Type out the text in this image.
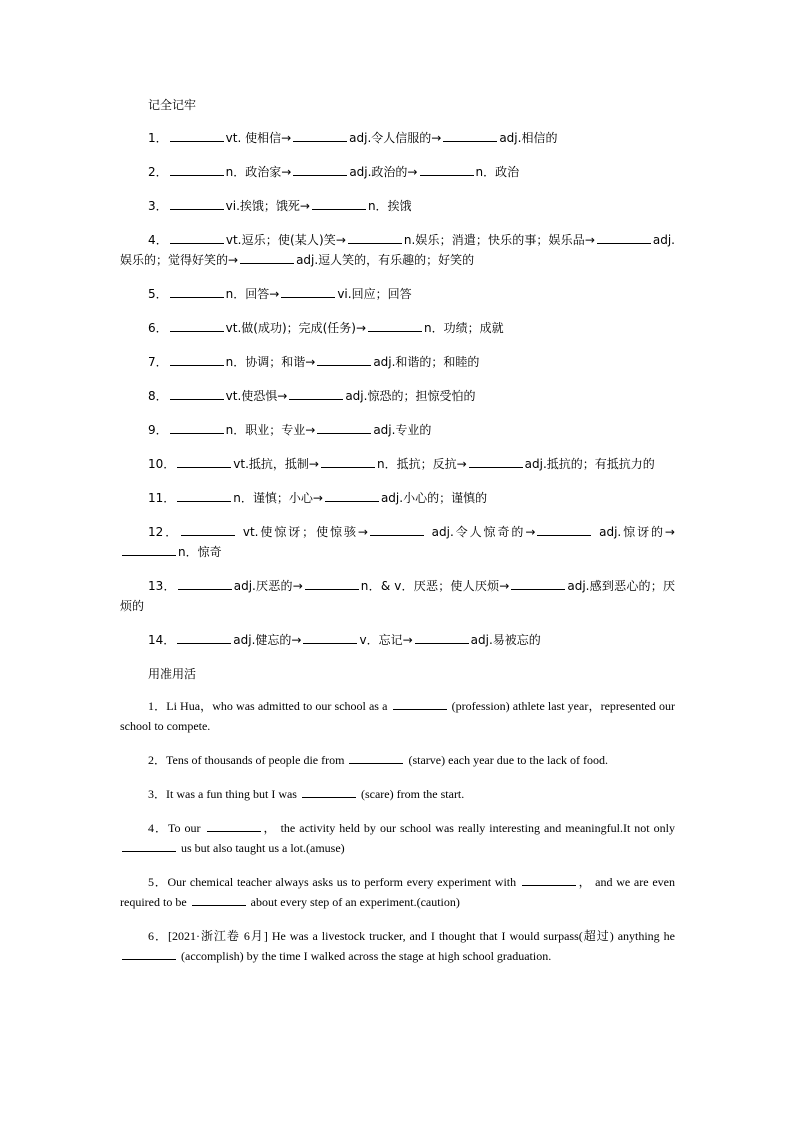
记全记牢
1．	vt. 使相信→	adj.令人信服的→	adj.相信的
2．	n．政治家→	adj.政治的→	n．政治
3．	vi.挨饿；饿死→	n．挨饿
4．	vt.逗乐；使(某人)笑→	n.娱乐；消遣；快乐的事；娱乐品→	adj.娱乐的；觉得好笑的→	adj.逗人笑的，有乐趣的；好笑的
5．	n．回答→	vi.回应；回答
6．	vt.做(成功)；完成(任务)→	n．功绩；成就
7．	n．协调；和谐→	adj.和谐的；和睦的
8．	vt.使恐惧→	adj.惊恐的；担惊受怕的
9．	n．职业；专业→	adj.专业的
10．	vt.抵抗，抵制→	n．抵抗；反抗→	adj.抵抗的；有抵抗力的
11．	n．谨慎；小心→	adj.小心的；谨慎的
12．	vt.使惊讶；使惊骇→	adj.令人惊奇的→	adj.惊讶的→n．惊奇
13．	adj.厌恶的→	n．& v．厌恶；使人厌烦→	adj.感到恶心的；厌烦的
14．	adj.健忘的→	v．忘记→	adj.易被忘的
用准用活
1．Li Hua，who was admitted to our school as a	(profession) athlete last year，represented our school to compete.
2．Tens of thousands of people die from	(starve) each year due to the lack of food.
3．It was a fun thing but I was	(scare) from the start.
4．To our	， the activity held by our school was really interesting and meaningful.It not only  us but also taught us a lot.(amuse)
5．Our chemical teacher always asks us to perform every experiment with	， and we are even required to be	about every step of an experiment.(caution)
6．[2021·浙江卷 6月] He was a livestock trucker, and I thought that I would surpass(超过) anything he  (accomplish) by the time I walked across the stage at high school graduation.
